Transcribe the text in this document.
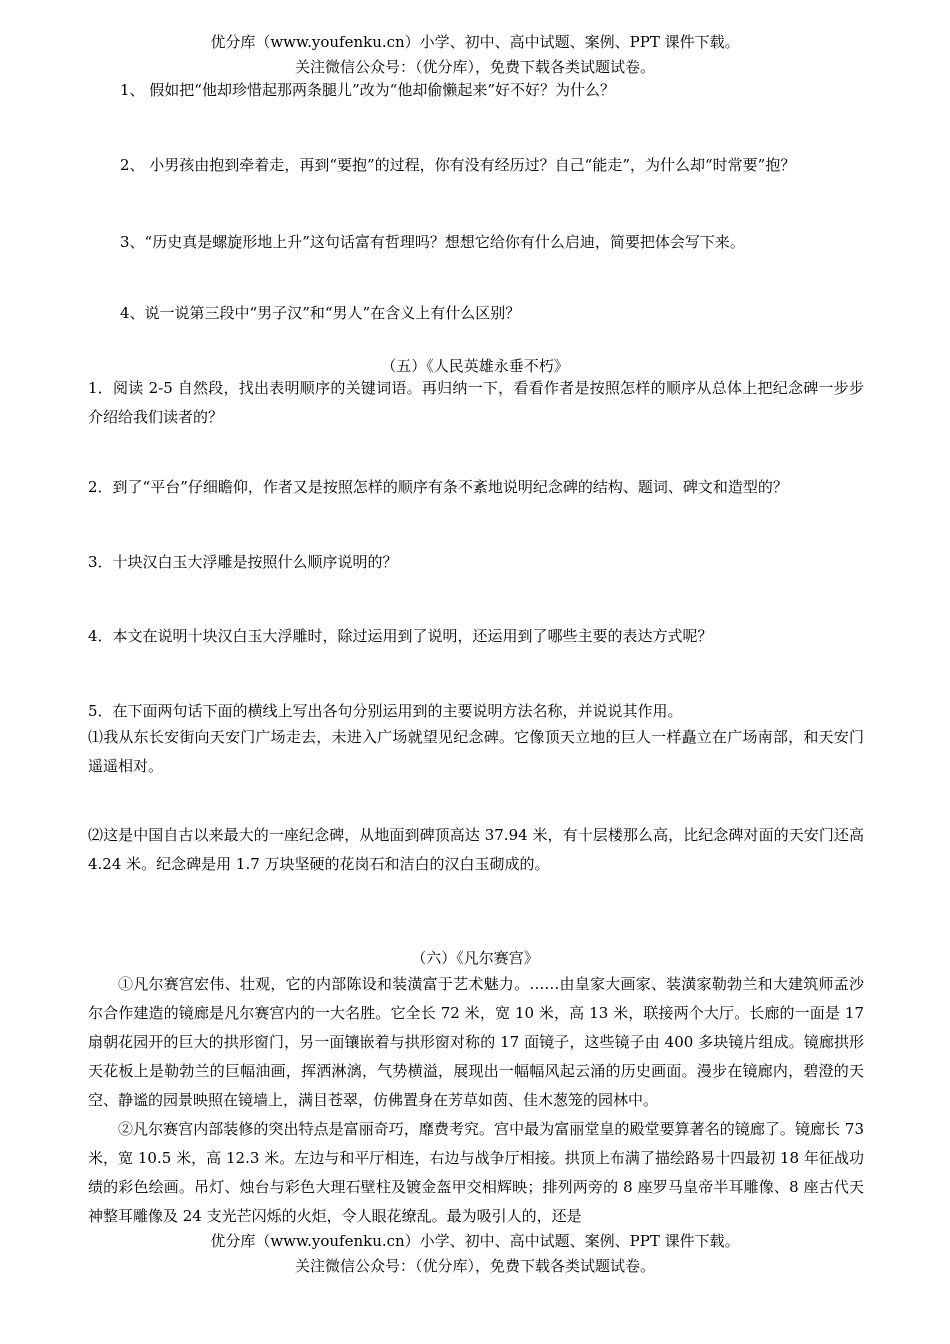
优分库（www.youfenku.cn）小学、初中、高中试题、案例、PPT 课件下载。
关注微信公众号：（优分库），免费下载各类试题试卷。
1、 假如把“他却珍惜起那两条腿儿”改为“他却偷懒起来”好不好？为什么？
2、 小男孩由抱到牵着走，再到“要抱”的过程，你有没有经历过？自己“能走”，为什么却“时常要”抱？
3、“历史真是螺旋形地上升”这句话富有哲理吗？想想它给你有什么启迪，简要把体会写下来。
4、说一说第三段中“男子汉”和“男人”在含义上有什么区别？
（五）《人民英雄永垂不朽》
1．阅读 2-5 自然段，找出表明顺序的关键词语。再归纳一下，看看作者是按照怎样的顺序从总体上把纪念碑一步步介绍给我们读者的？
2．到了“平台”仔细瞻仰，作者又是按照怎样的顺序有条不紊地说明纪念碑的结构、题词、碑文和造型的？
3．十块汉白玉大浮雕是按照什么顺序说明的？
4．本文在说明十块汉白玉大浮雕时，除过运用到了说明，还运用到了哪些主要的表达方式呢？
5．在下面两句话下面的横线上写出各句分别运用到的主要说明方法名称，并说说其作用。
⑴我从东长安街向天安门广场走去，未进入广场就望见纪念碑。它像顶天立地的巨人一样矗立在广场南部，和天安门遥遥相对。
⑵这是中国自古以来最大的一座纪念碑，从地面到碑顶高达 37.94 米，有十层楼那么高，比纪念碑对面的天安门还高 4.24 米。纪念碑是用 1.7 万块坚硬的花岗石和洁白的汉白玉砌成的。
（六）《凡尔赛宫》

①凡尔赛宫宏伟、壮观，它的内部陈设和装潢富于艺术魅力。……由皇家大画家、装潢家勒勃兰和大建筑师孟沙尔合作建造的镜廊是凡尔赛宫内的一大名胜。它全长 72 米，宽 10 米，高 13 米，联接两个大厅。长廊的一面是 17 扇朝花园开的巨大的拱形窗门，另一面镶嵌着与拱形窗对称的 17 面镜子，这些镜子由 400 多块镜片组成。镜廊拱形天花板上是勒勃兰的巨幅油画，挥洒淋漓，气势横溢，展现出一幅幅风起云涌的历史画面。漫步在镜廊内，碧澄的天空、静谧的园景映照在镜墙上，满目苍翠，仿佛置身在芳草如茵、佳木葱笼的园林中。

②凡尔赛宫内部装修的突出特点是富丽奇巧，靡费考究。宫中最为富丽堂皇的殿堂要算著名的镜廊了。镜廊长 73 米，宽 10.5 米，高 12.3 米。左边与和平厅相连，右边与战争厅相接。拱顶上布满了描绘路易十四最初 18 年征战功绩的彩色绘画。吊灯、烛台与彩色大理石壁柱及镀金盔甲交相辉映；排列两旁的 8 座罗马皇帝半耳雕像、8 座古代天神整耳雕像及 24 支光芒闪烁的火炬，令人眼花缭乱。最为吸引人的，还是

优分库（www.youfenku.cn）小学、初中、高中试题、案例、PPT 课件下载。
关注微信公众号：（优分库），免费下载各类试题试卷。
